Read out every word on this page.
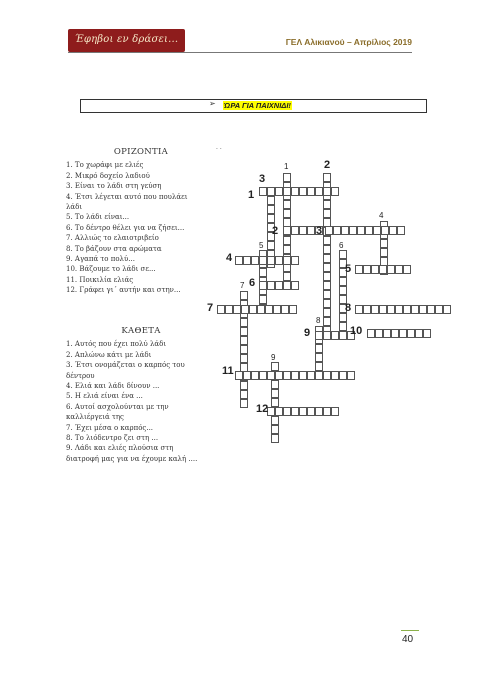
Έφηβοι εν δράσει...	ΓΕΛ Αλικιανού – Απρίλιος 2019
➢ ΏΡΑ ΓΙΑ ΠΑΙΧΝΙΔΙ!
ΟΡΙΖΟΝΤΙΑ
1. Το χωράφι με ελιές
2. Μικρό δοχείο λαδιού
3. Είναι το λάδι στη γεύση
4. Έτσι λέγεται αυτό που πουλάει
λάδι
5. Το λάδι είναι...
6. Το δέντρο θέλει για να ζήσει...
7. Αλλιώς το ελαιοτριβείο
8. Το βάζουν στα αρώματα
9. Αγαπά το πολύ...
10. Βάζουμε το λάδι σε...
11. Ποικιλία ελιάς
12. Γράφει γι΄ αυτήν και στην...
ΚΑΘΕΤΑ
1. Αυτός που έχει πολύ λάδι
2. Απλώνω κάτι με λάδι
3. Έτσι ονομάζεται ο καρπός του
δέντρου
4. Ελιά και λάδι δίνουν ...
5. Η ελιά είναι ένα ...
6. Αυτοί ασχολούνται με την
καλλιέργειά της
7. Έχει μέσα ο καρπός...
8. Το λιόδεντρο ζει στη ...
9. Λάδι και ελιές πλούσια στη
διατροφή μας για να έχουμε καλή ....
· ·
1	2
3
1
4
2	3
5	6
4
5
7 6
7	8
8
9	10
9
11
12
40
